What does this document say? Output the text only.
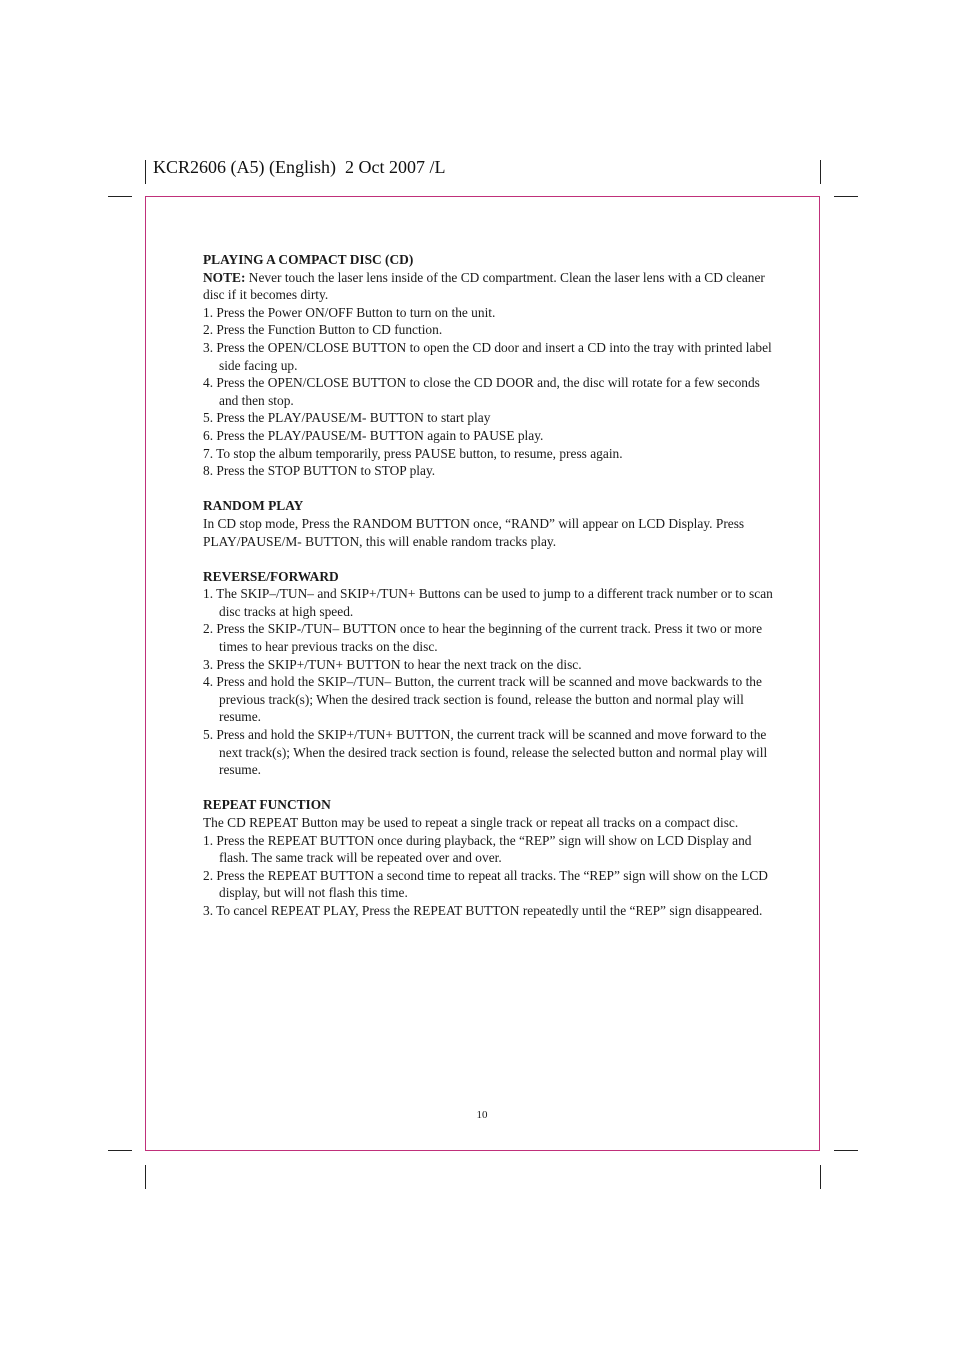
KCR2606 (A5) (English)  2 Oct 2007 /L

PLAYING A COMPACT DISC (CD)

NOTE: Never touch the laser lens inside of the CD compartment. Clean the laser lens with a CD cleaner disc if it becomes dirty.

1. Press the Power ON/OFF Button to turn on the unit.
2. Press the Function Button to CD function.
3. Press the OPEN/CLOSE BUTTON to open the CD door and insert a CD into the tray with printed label side facing up.
4. Press the OPEN/CLOSE BUTTON to close the CD DOOR and, the disc will rotate for a few seconds and then stop.
5. Press the PLAY/PAUSE/M- BUTTON to start play
6. Press the PLAY/PAUSE/M- BUTTON again to PAUSE play.
7. To stop the album temporarily, press PAUSE button, to resume, press again.
8. Press the STOP BUTTON to STOP play.

RANDOM PLAY

In CD stop mode, Press the RANDOM BUTTON once, “RAND” will appear on LCD Display. Press PLAY/PAUSE/M- BUTTON, this will enable random tracks play.

REVERSE/FORWARD

1. The SKIP–/TUN– and SKIP+/TUN+ Buttons can be used to jump to a different track number or to scan disc tracks at high speed.
2. Press the SKIP-/TUN– BUTTON once to hear the beginning of the current track. Press it two or more times to hear previous tracks on the disc.
3. Press the SKIP+/TUN+ BUTTON to hear the next track on the disc.
4. Press and hold the SKIP–/TUN– Button, the current track will be scanned and move backwards to the previous track(s); When the desired track section is found, release the button and normal play will resume.
5. Press and hold the SKIP+/TUN+ BUTTON, the current track will be scanned and move forward to the next track(s); When the desired track section is found, release the selected button and normal play will resume.

REPEAT FUNCTION

The CD REPEAT Button may be used to repeat a single track or repeat all tracks on a compact disc.

1. Press the REPEAT BUTTON once during playback, the “REP” sign will show on LCD Display and flash. The same track will be repeated over and over.
2. Press the REPEAT BUTTON a second time to repeat all tracks. The “REP” sign will show on the LCD display, but will not flash this time.
3. To cancel REPEAT PLAY, Press the REPEAT BUTTON repeatedly until the “REP” sign disappeared.
10
